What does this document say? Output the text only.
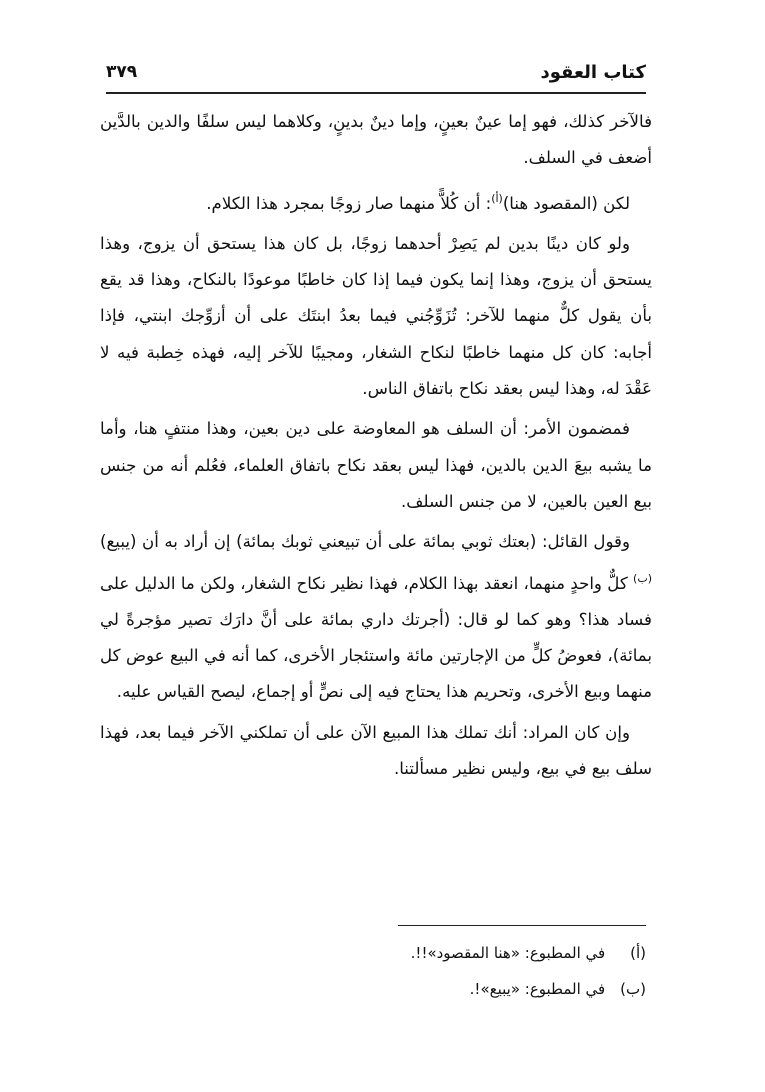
كتاب العقود
٣٧٩

فالآخر كذلك، فهو إما عينٌ بعينٍ، وإما دينٌ بدينٍ، وكلاهما ليس سلفًا والدين بالدَّين أضعف في السلف.

لكن (المقصود هنا)$^{(أ)}$: أن كُلاًّ منهما صار زوجًا بمجرد هذا الكلام.

ولو كان دينًا بدين لم يَصِرْ أحدهما زوجًا، بل كان هذا يستحق أن يزوج، وهذا يستحق أن يزوج، وهذا إنما يكون فيما إذا كان خاطبًا موعودًا بالنكاح، وهذا قد يقع بأن يقول كلٌّ منهما للآخر: تُزَوِّجُني فيما بعدُ ابنتَك على أن أزوِّجك ابنتي، فإذا أجابه: كان كل منهما خاطبًا لنكاح الشغار، ومجيبًا للآخر إليه، فهذه خِطبة فيه لا عَقْدَ له، وهذا ليس بعقد نكاح باتفاق الناس.

فمضمون الأمر: أن السلف هو المعاوضة على دين بعين، وهذا منتفٍ هنا، وأما ما يشبه بيعَ الدين بالدين، فهذا ليس بعقد نكاح باتفاق العلماء، فعُلم أنه من جنس بيع العين بالعين، لا من جنس السلف.

وقول القائل: (بعتك ثوبي بمائة على أن تبيعني ثوبك بمائة) إن أراد به أن (يبيع)$^{(ب)}$ كلٌّ واحدٍ منهما، انعقد بهذا الكلام، فهذا نظير نكاح الشغار، ولكن ما الدليل على فساد هذا؟ وهو كما لو قال: (أجرتك داري بمائة على أنَّ دارَك تصير مؤجرةً لي بمائة)، فعوضُ كلٍّ من الإجارتين مائة واستئجار الأخرى، كما أنه في البيع عوض كل منهما وبيع الأخرى، وتحريم هذا يحتاج فيه إلى نصٍّ أو إجماع، ليصح القياس عليه.

وإن كان المراد: أنك تملك هذا المبيع الآن على أن تملكني الآخر فيما بعد، فهذا سلف بيع في بيع، وليس نظير مسألتنا.

(أ) في المطبوع: «هنا المقصود»!!.
(ب) في المطبوع: «يبيع»!.
